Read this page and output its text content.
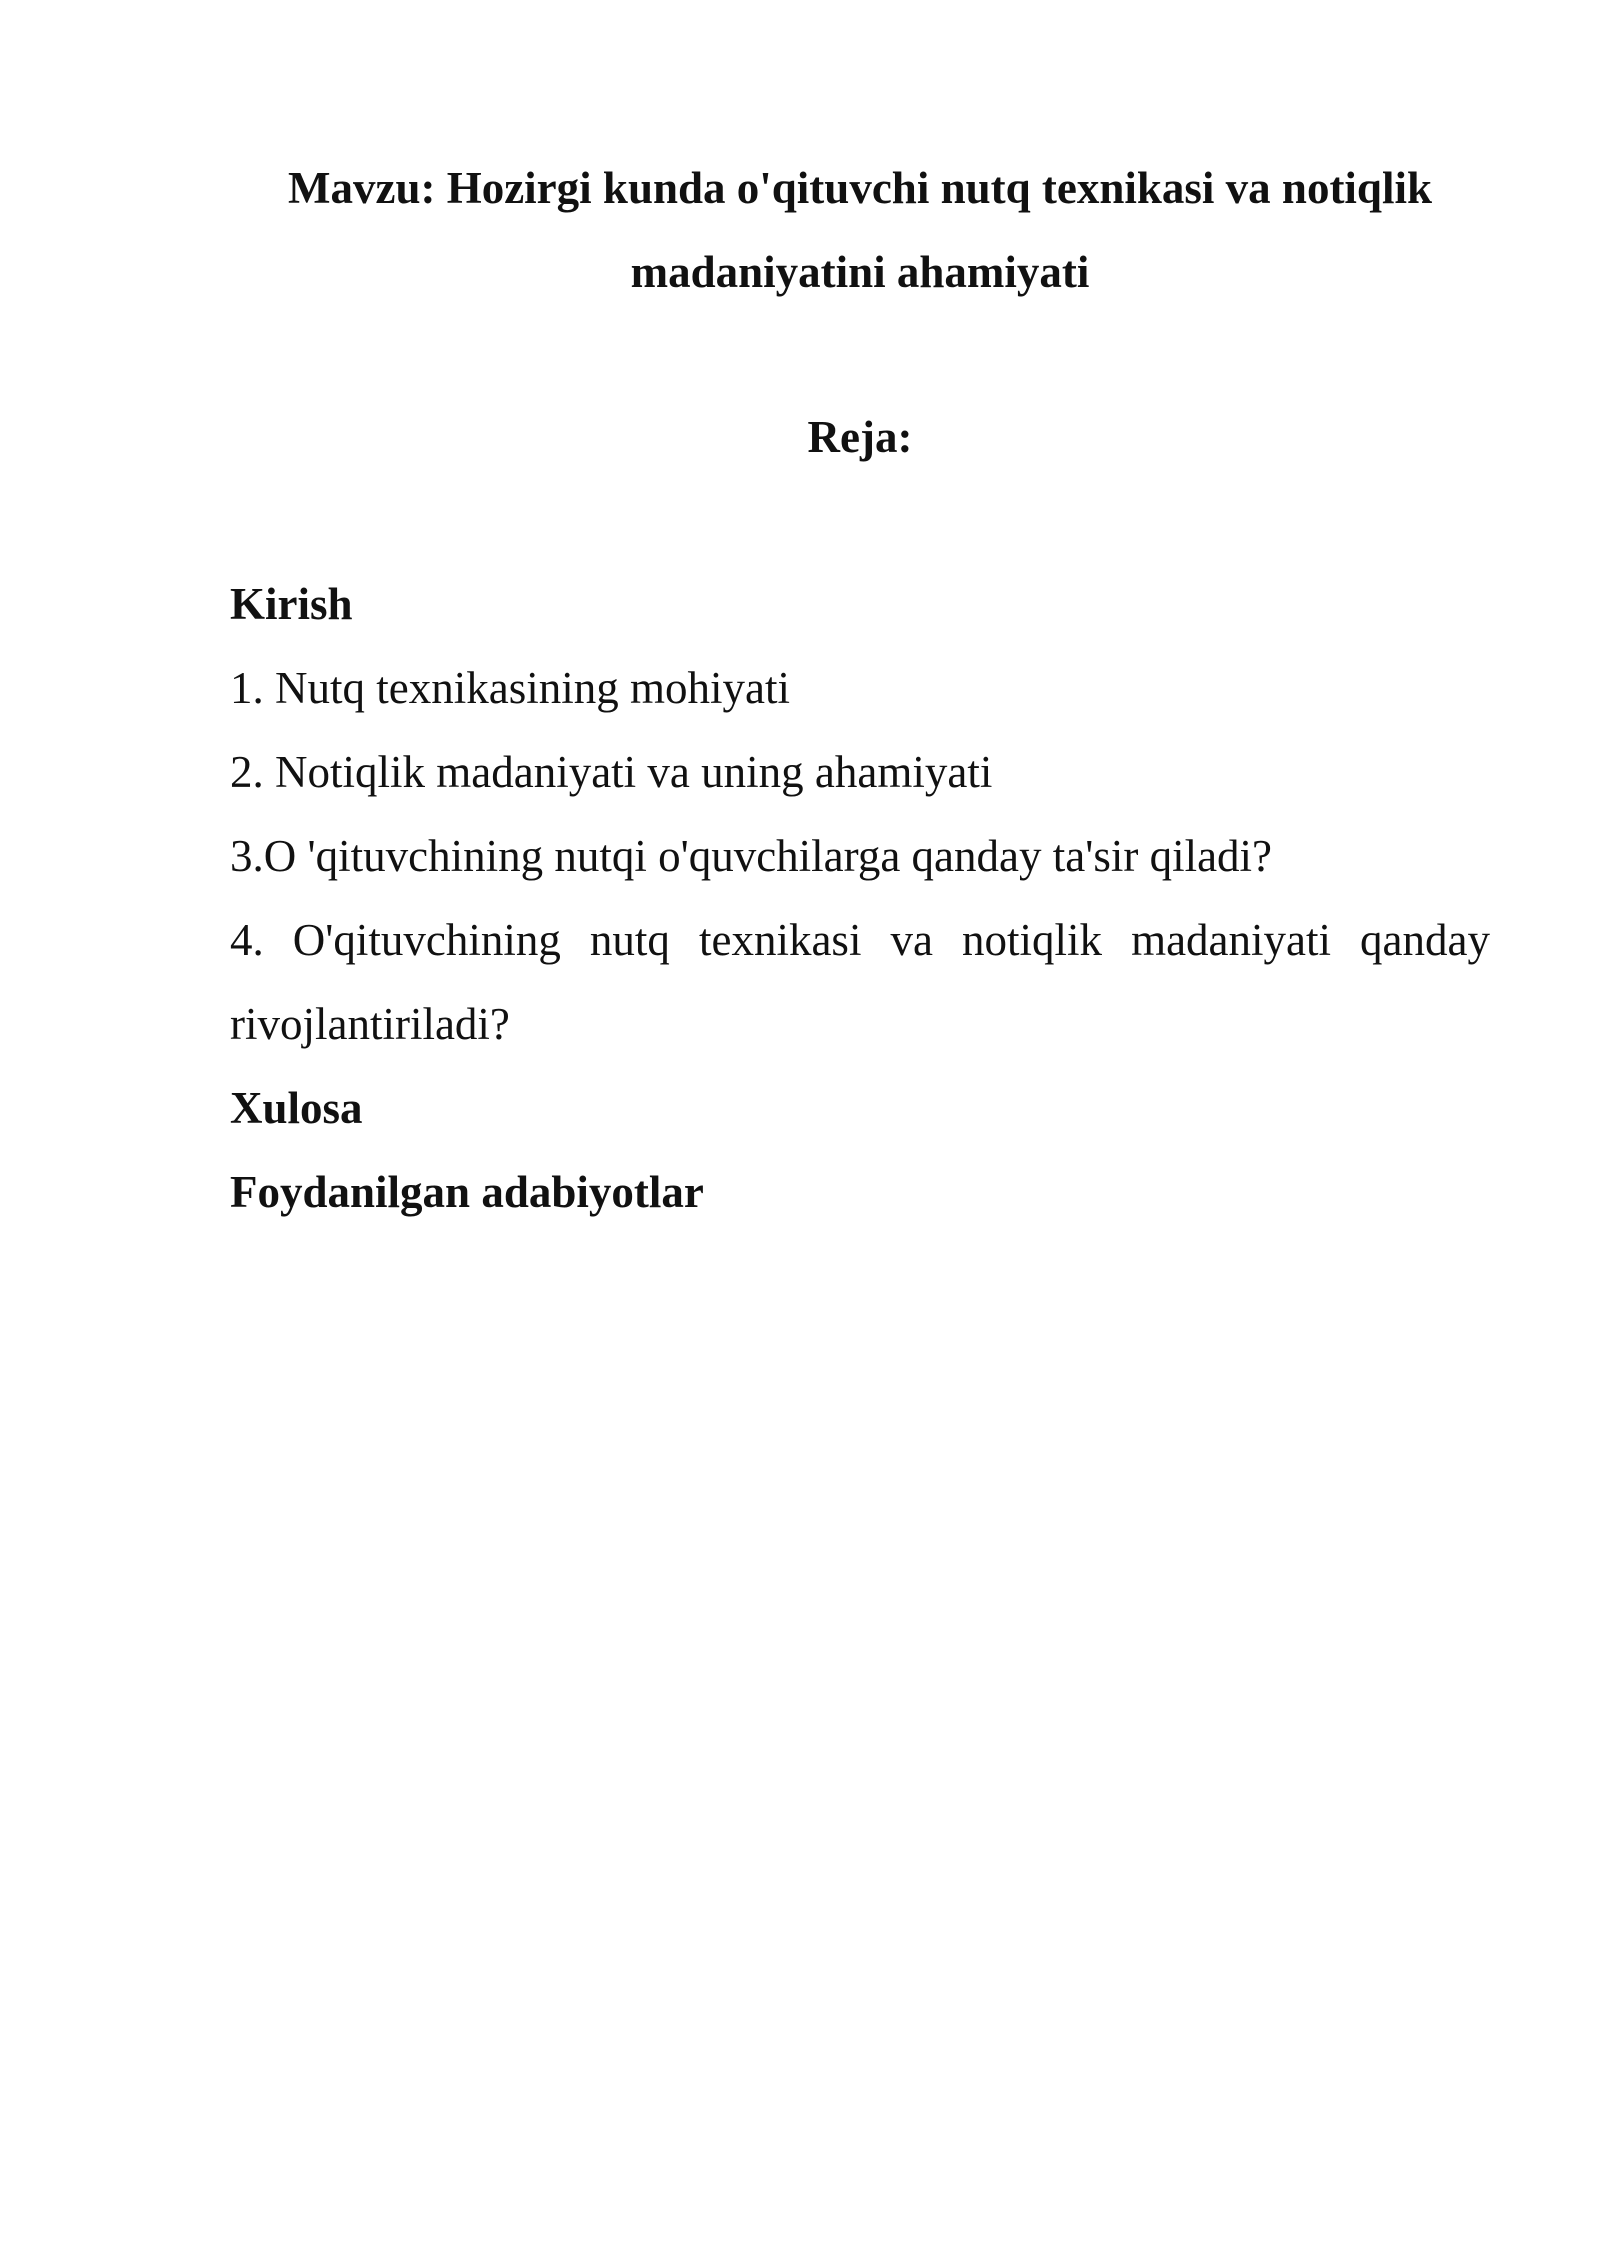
Mavzu: Hozirgi kunda o'qituvchi nutq texnikasi va notiqlik madaniyatini ahamiyati
Reja:
Kirish
1. Nutq texnikasining mohiyati
2. Notiqlik madaniyati va uning ahamiyati
3.O 'qituvchining nutqi o'quvchilarga qanday ta'sir qiladi?
4. O'qituvchining nutq texnikasi va notiqlik madaniyati qanday rivojlantiriladi?
Xulosa
Foydanilgan adabiyotlar
